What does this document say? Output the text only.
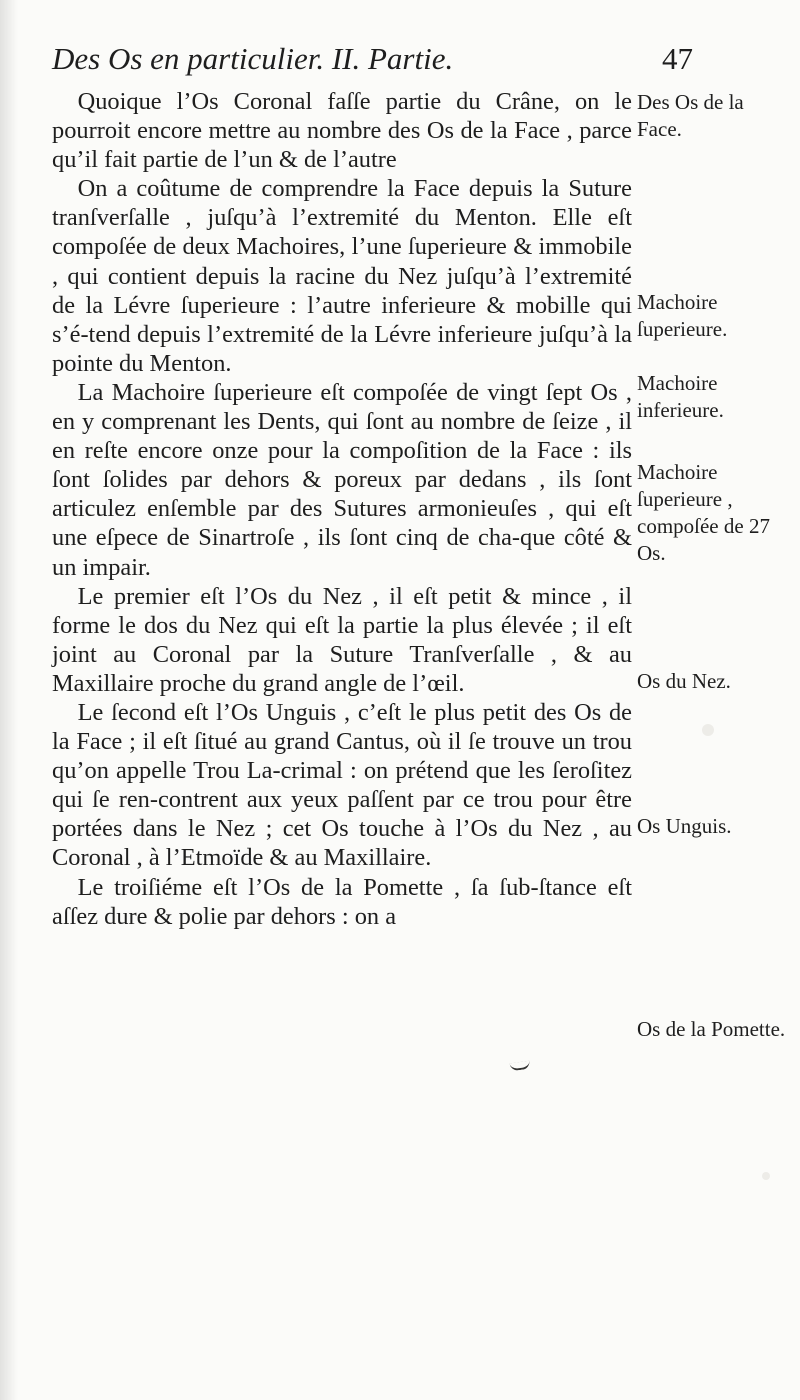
Des Os en particulier. II. Partie.	47

Quoique l’Os Coronal faſſe partie du Crâne, on le pourroit encore mettre au nombre des Os de la Face , parce qu’il fait partie de l’un & de l’autre

On a coûtume de comprendre la Face depuis la Suture tranſverſalle , juſqu’à l’extremité du Menton. Elle eſt compoſée de deux Machoires, l’une ſuperieure & immobile , qui contient depuis la racine du Nez juſqu’à l’extremité de la Lévre ſuperieure : l’autre inferieure & mobille qui s’é-tend depuis l’extremité de la Lévre inferieure juſqu’à la pointe du Menton.

La Machoire ſuperieure eſt compoſée de vingt ſept Os , en y comprenant les Dents, qui ſont au nombre de ſeize , il en reſte encore onze pour la compoſition de la Face : ils ſont ſolides par dehors & poreux par dedans , ils ſont articulez enſemble par des Sutures armonieuſes , qui eſt une eſpece de Sinartroſe , ils ſont cinq de cha-que côté & un impair.

Le premier eſt l’Os du Nez , il eſt petit & mince , il forme le dos du Nez qui eſt la partie la plus élevée ; il eſt joint au Coronal par la Suture Tranſverſalle , & au Maxillaire proche du grand angle de l’œil.

Le ſecond eſt l’Os Unguis , c’eſt le plus petit des Os de la Face ; il eſt ſitué au grand Cantus, où il ſe trouve un trou qu’on appelle Trou La-crimal : on prétend que les ſeroſitez qui ſe ren-contrent aux yeux paſſent par ce trou pour être portées dans le Nez ; cet Os touche à l’Os du Nez , au Coronal , à l’Etmoïde & au Maxillaire.

Le troiſiéme eſt l’Os de la Pomette , ſa ſub-ſtance eſt aſſez dure & polie par dehors : on a

Des Os de la Face.
Machoire ſuperieure.
Machoire inferieure.
Machoire ſuperieure , compoſée de 27 Os.
Os du Nez.
Os Unguis.
Os de la Pomette.
